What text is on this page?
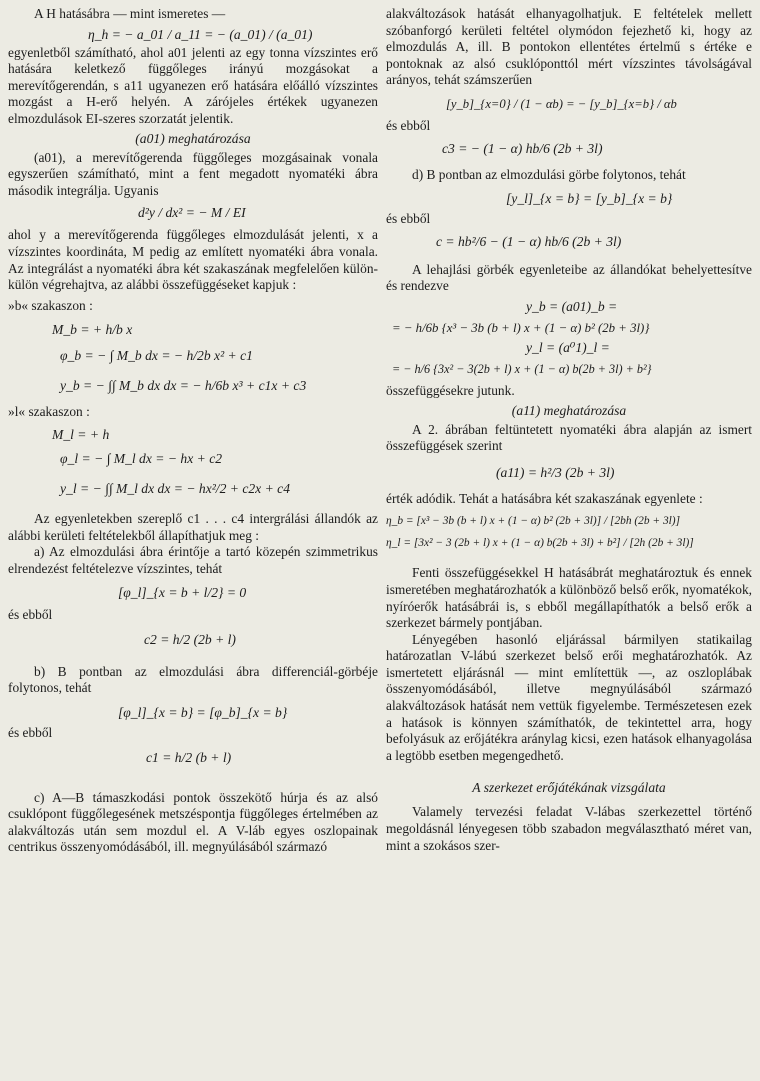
A H hatásábra — mint ismeretes —

η_h = − a_01 / a_11 = − (a_01) / (a_01)

egyenletből számítható, ahol a01 jelenti az egy tonna vízszintes erő hatására keletkező függőleges irányú mozgásokat a merevítőgerendán, s a11 ugyanezen erő hatására előálló vízszintes mozgást a H-erő helyén. A zárójeles értékek ugyanezen elmozdulások EI-szeres szorzatát jelentik.

(a01) meghatározása

(a01), a merevítőgerenda függőleges mozgásainak vonala egyszerűen számítható, mint a fent megadott nyomatéki ábra második integrálja. Ugyanis

d²y / dx² = − M / EI

ahol y a merevítőgerenda függőleges elmozdulását jelenti, x a vízszintes koordináta, M pedig az említett nyomatéki ábra vonala. Az integrálást a nyomatéki ábra két szakaszának megfelelően külön-külön végrehajtva, az alábbi összefüggéseket kapjuk :

»b« szakaszon :

M_b = + h/b x
φ_b = − ∫ M_b dx = − h/2b x² + c1
y_b = − ∫∫ M_b dx dx = − h/6b x³ + c1x + c3

»l« szakaszon :

M_l = + h
φ_l = − ∫ M_l dx = − hx + c2
y_l = − ∫∫ M_l dx dx = − hx²/2 + c2x + c4

Az egyenletekben szereplő c1 . . . c4 intergrálási állandók az alábbi kerületi feltételekből állapíthatjuk meg :

a) Az elmozdulási ábra érintője a tartó közepén szimmetrikus elrendezést feltételezve vízszintes, tehát

[φ_l]_{x = b + l/2} = 0

és ebből

c2 = h/2 (2b + l)

b) B pontban az elmozdulási ábra differenciál-görbéje folytonos, tehát

[φ_l]_{x = b} = [φ_b]_{x = b}

és ebből

c1 = h/2 (b + l)

c) A—B támaszkodási pontok összekötő húrja és az alsó csuklópont függőlegesének metszéspontja függőleges értelmében az alakváltozás után sem mozdul el. A V-láb egyes oszlopainak centrikus összenyomódásából, ill. megnyúlásából származó

alakváltozások hatását elhanyagolhatjuk. E feltételek mellett szóbanforgó kerületi feltétel olymódon fejezhető ki, hogy az elmozdulás A, ill. B pontokon ellentétes értelmű s értéke e pontoknak az alsó csuklóponttól mért vízszintes távolságával arányos, tehát számszerűen

[y_b]_{x=0} / (1 − αb) = − [y_b]_{x=b} / αb

és ebből

c3 = − (1 − α) hb/6 (2b + 3l)

d) B pontban az elmozdulási görbe folytonos, tehát

[y_l]_{x = b} = [y_b]_{x = b}

és ebből

c = hb²/6 − (1 − α) hb/6 (2b + 3l)

A lehajlási görbék egyenleteibe az állandókat behelyettesítve és rendezve

y_b = (a01)_b =
= − h/6b {x³ − 3b (b + l) x + (1 − α) b² (2b + 3l)}
y_l = (a⁰1)_l =
= − h/6 {3x² − 3(2b + l) x + (1 − α) b(2b + 3l) + b²}

összefüggésekre jutunk.

(a11) meghatározása

A 2. ábrában feltüntetett nyomatéki ábra alapján az ismert összefüggések szerint

(a11) = h²/3 (2b + 3l)

érték adódik. Tehát a hatásábra két szakaszának egyenlete :

η_b = [x³ − 3b (b + l) x + (1 − α) b² (2b + 3l)] / [2bh (2b + 3l)]
η_l = [3x² − 3 (2b + l) x + (1 − α) b(2b + 3l) + b²] / [2h (2b + 3l)]

Fenti összefüggésekkel H hatásábrát meghatároztuk és ennek ismeretében meghatározhatók a különböző belső erők, nyomatékok, nyíróerők hatásábrái is, s ebből megállapíthatók a belső erők a szerkezet bármely pontjában.

Lényegében hasonló eljárással bármilyen statikailag határozatlan V-lábú szerkezet belső erői meghatározhatók. Az ismertetett eljárásnál — mint említettük —, az oszloplábak összenyomódásából, illetve megnyúlásából származó alakváltozások hatását nem vettük figyelembe. Természetesen ezek a hatások is könnyen számíthatók, de tekintettel arra, hogy befolyásuk az erőjátékra aránylag kicsi, ezen hatások elhanyagolása a legtöbb esetben megengedhető.

A szerkezet erőjátékának vizsgálata

Valamely tervezési feladat V-lábas szerkezettel történő megoldásnál lényegesen több szabadon megválasztható méret van, mint a szokásos szer-
